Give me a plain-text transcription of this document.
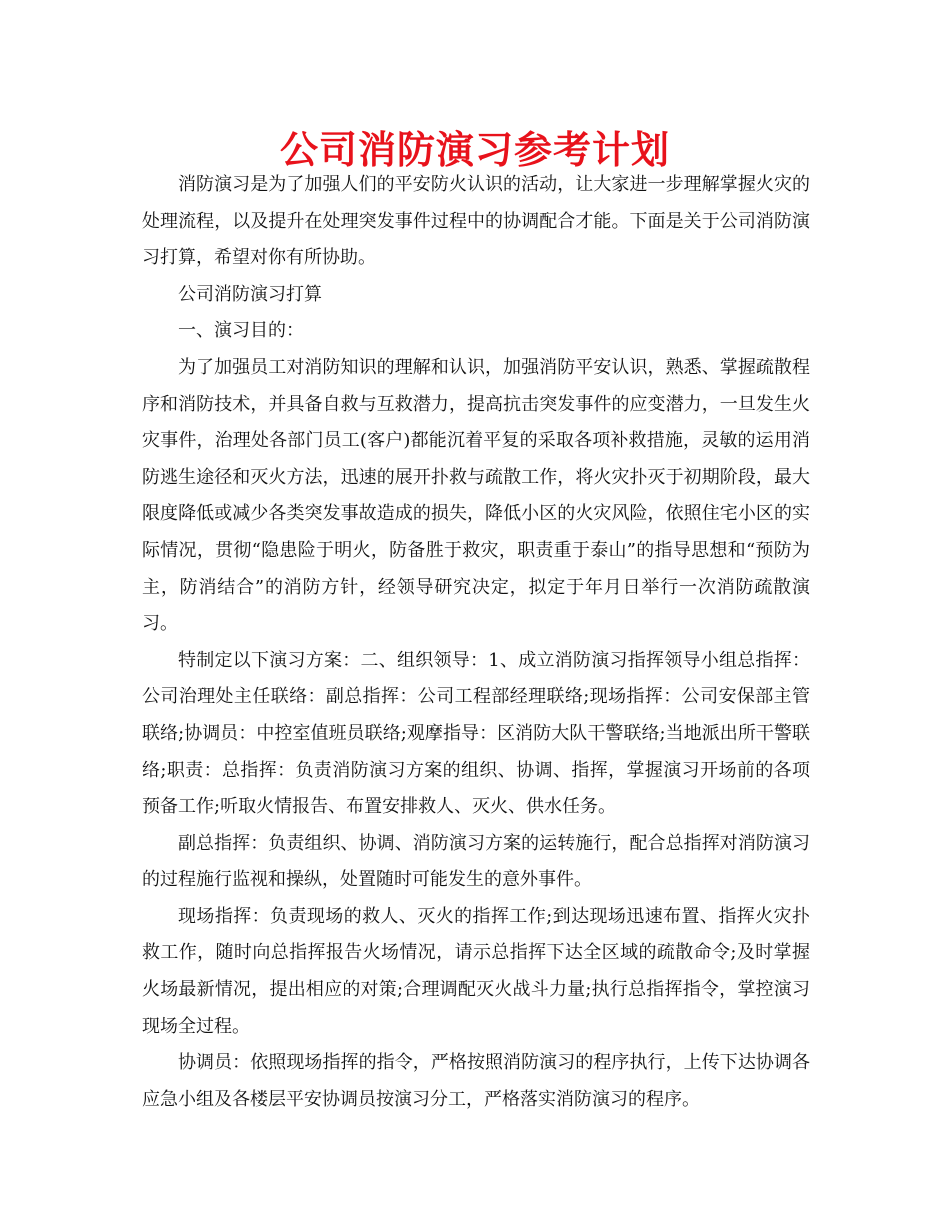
公司消防演习参考计划

消防演习是为了加强人们的平安防火认识的活动，让大家进一步理解掌握火灾的处理流程，以及提升在处理突发事件过程中的协调配合才能。下面是关于公司消防演习打算，希望对你有所协助。

公司消防演习打算

一、演习目的：

为了加强员工对消防知识的理解和认识，加强消防平安认识，熟悉、掌握疏散程序和消防技术，并具备自救与互救潜力，提高抗击突发事件的应变潜力，一旦发生火灾事件，治理处各部门员工(客户)都能沉着平复的采取各项补救措施，灵敏的运用消防逃生途径和灭火方法，迅速的展开扑救与疏散工作，将火灾扑灭于初期阶段，最大限度降低或减少各类突发事故造成的损失，降低小区的火灾风险，依照住宅小区的实际情况，贯彻“隐患险于明火，防备胜于救灾，职责重于泰山”的指导思想和“预防为主，防消结合”的消防方针，经领导研究决定，拟定于年月日举行一次消防疏散演习。

特制定以下演习方案：二、组织领导：1、成立消防演习指挥领导小组总指挥：公司治理处主任联络：副总指挥：公司工程部经理联络;现场指挥：公司安保部主管联络;协调员：中控室值班员联络;观摩指导：区消防大队干警联络;当地派出所干警联络;职责：总指挥：负责消防演习方案的组织、协调、指挥，掌握演习开场前的各项预备工作;听取火情报告、布置安排救人、灭火、供水任务。

副总指挥：负责组织、协调、消防演习方案的运转施行，配合总指挥对消防演习的过程施行监视和操纵，处置随时可能发生的意外事件。

现场指挥：负责现场的救人、灭火的指挥工作;到达现场迅速布置、指挥火灾扑救工作，随时向总指挥报告火场情况，请示总指挥下达全区域的疏散命令;及时掌握火场最新情况，提出相应的对策;合理调配灭火战斗力量;执行总指挥指令，掌控演习现场全过程。

协调员：依照现场指挥的指令，严格按照消防演习的程序执行，上传下达协调各应急小组及各楼层平安协调员按演习分工，严格落实消防演习的程序。
